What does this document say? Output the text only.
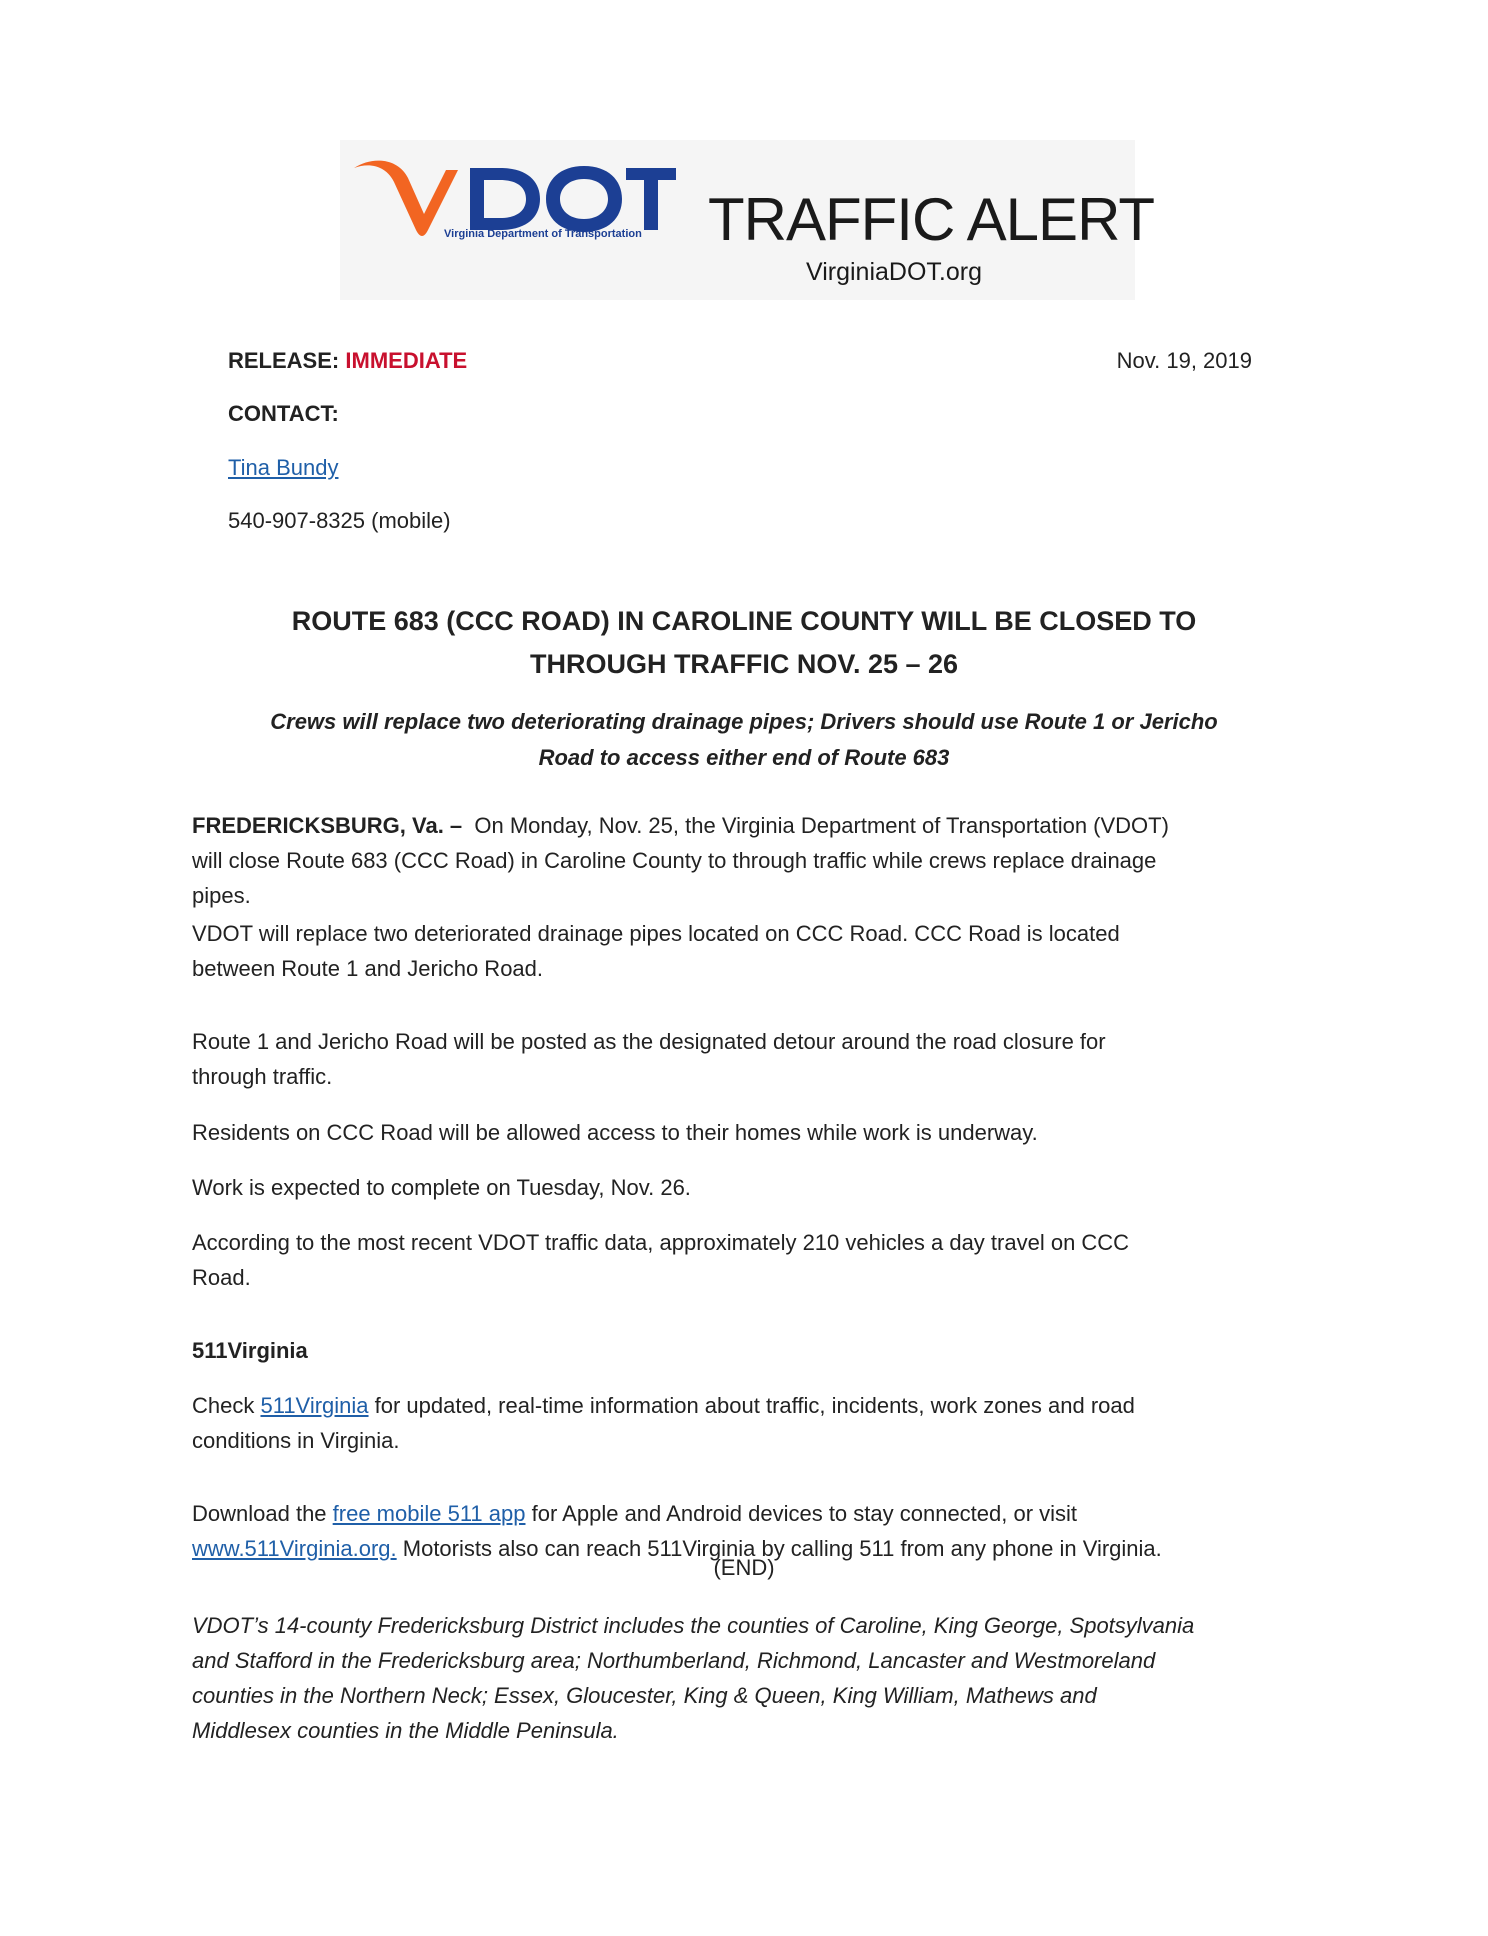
Virginia Department of Transportation TRAFFIC ALERT
VirginiaDOT.org
RELEASE: IMMEDIATE	Nov. 19, 2019
CONTACT:
Tina Bundy
540-907-8325 (mobile)
ROUTE 683 (CCC ROAD) IN CAROLINE COUNTY WILL BE CLOSED TO
THROUGH TRAFFIC NOV. 25 – 26
Crews will replace two deteriorating drainage pipes; Drivers should use Route 1 or Jericho
Road to access either end of Route 683

FREDERICKSBURG, Va. –  On Monday, Nov. 25, the Virginia Department of Transportation (VDOT)

will close Route 683 (CCC Road) in Caroline County to through traffic while crews replace drainage

pipes.

VDOT will replace two deteriorated drainage pipes located on CCC Road. CCC Road is located

between Route 1 and Jericho Road.

Route 1 and Jericho Road will be posted as the designated detour around the road closure for

through traffic.

Residents on CCC Road will be allowed access to their homes while work is underway.

Work is expected to complete on Tuesday, Nov. 26.

According to the most recent VDOT traffic data, approximately 210 vehicles a day travel on CCC

Road.

511Virginia

Check 511Virginia for updated, real-time information about traffic, incidents, work zones and road

conditions in Virginia.

Download the free mobile 511 app for Apple and Android devices to stay connected, or visit

www.511Virginia.org. Motorists also can reach 511Virginia by calling 511 from any phone in Virginia.

(END)
VDOT’s 14-county Fredericksburg District includes the counties of Caroline, King George, Spotsylvania
and Stafford in the Fredericksburg area; Northumberland, Richmond, Lancaster and Westmoreland
counties in the Northern Neck; Essex, Gloucester, King & Queen, King William, Mathews and
Middlesex counties in the Middle Peninsula.
